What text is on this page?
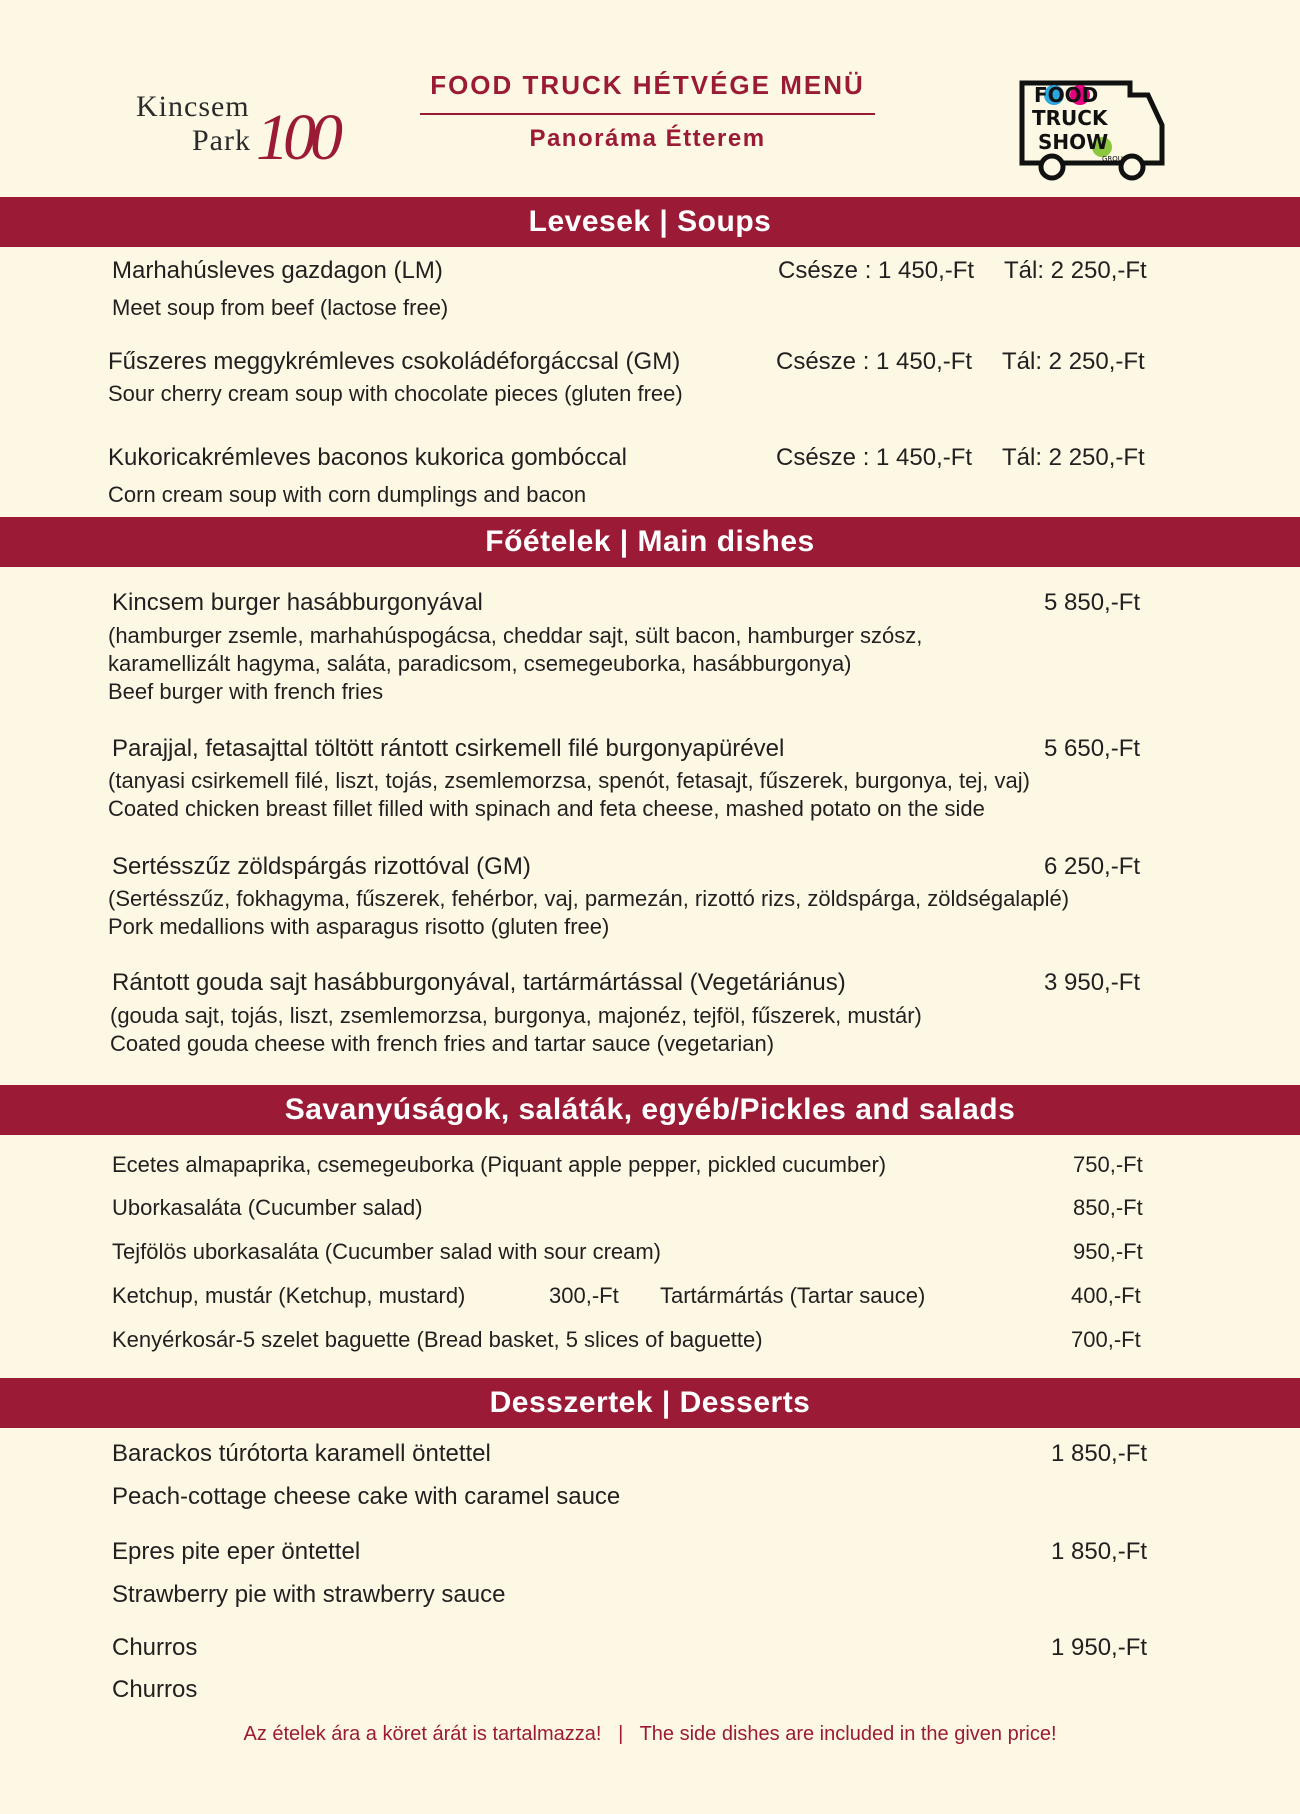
Kincsem
Park 100
FOOD TRUCK HÉTVÉGE MENÜ
Panoráma Étterem
FOOD
TRUCK
SHOW
GROUP
Levesek | Soups
Marhahúsleves gazdagon (LM)	Csésze : 1 450,-Ft Tál: 2 250,-Ft
Meet soup from beef (lactose free)
Fűszeres meggykrémleves csokoládéforgáccsal (GM)	Csésze : 1 450,-Ft Tál: 2 250,-Ft
Sour cherry cream soup with chocolate pieces (gluten free)
Kukoricakrémleves baconos kukorica gombóccal	Csésze : 1 450,-Ft Tál: 2 250,-Ft
Corn cream soup with corn dumplings and bacon
Főételek | Main dishes
Kincsem burger hasábburgonyával	5 850,-Ft
(hamburger zsemle, marhahúspogácsa, cheddar sajt, sült bacon, hamburger szósz,
karamellizált hagyma, saláta, paradicsom, csemegeuborka, hasábburgonya)
Beef burger with french fries
Parajjal, fetasajttal töltött rántott csirkemell filé burgonyapürével	5 650,-Ft
(tanyasi csirkemell filé, liszt, tojás, zsemlemorzsa, spenót, fetasajt, fűszerek, burgonya, tej, vaj)
Coated chicken breast fillet filled with spinach and feta cheese, mashed potato on the side
Sertésszűz zöldspárgás rizottóval (GM)	6 250,-Ft
(Sertésszűz, fokhagyma, fűszerek, fehérbor, vaj, parmezán, rizottó rizs, zöldspárga, zöldségalaplé)
Pork medallions with asparagus risotto (gluten free)
Rántott gouda sajt hasábburgonyával, tartármártással (Vegetáriánus)	3 950,-Ft
(gouda sajt, tojás, liszt, zsemlemorzsa, burgonya, majonéz, tejföl, fűszerek, mustár)
Coated gouda cheese with french fries and tartar sauce (vegetarian)
Savanyúságok, saláták, egyéb/Pickles and salads
Ecetes almapaprika, csemegeuborka (Piquant apple pepper, pickled cucumber)	750,-Ft
Uborkasaláta (Cucumber salad)	850,-Ft
Tejfölös uborkasaláta (Cucumber salad with sour cream)	950,-Ft
Ketchup, mustár (Ketchup, mustard)	300,-Ft Tartármártás (Tartar sauce)	400,-Ft
Kenyérkosár-5 szelet baguette (Bread basket, 5 slices of baguette)	700,-Ft
Desszertek | Desserts
Barackos túrótorta karamell öntettel	1 850,-Ft
Peach-cottage cheese cake with caramel sauce
Epres pite eper öntettel	1 850,-Ft
Strawberry pie with strawberry sauce
Churros	1 950,-Ft
Churros
Az ételek ára a köret árát is tartalmazza!   |   The side dishes are included in the given price!
